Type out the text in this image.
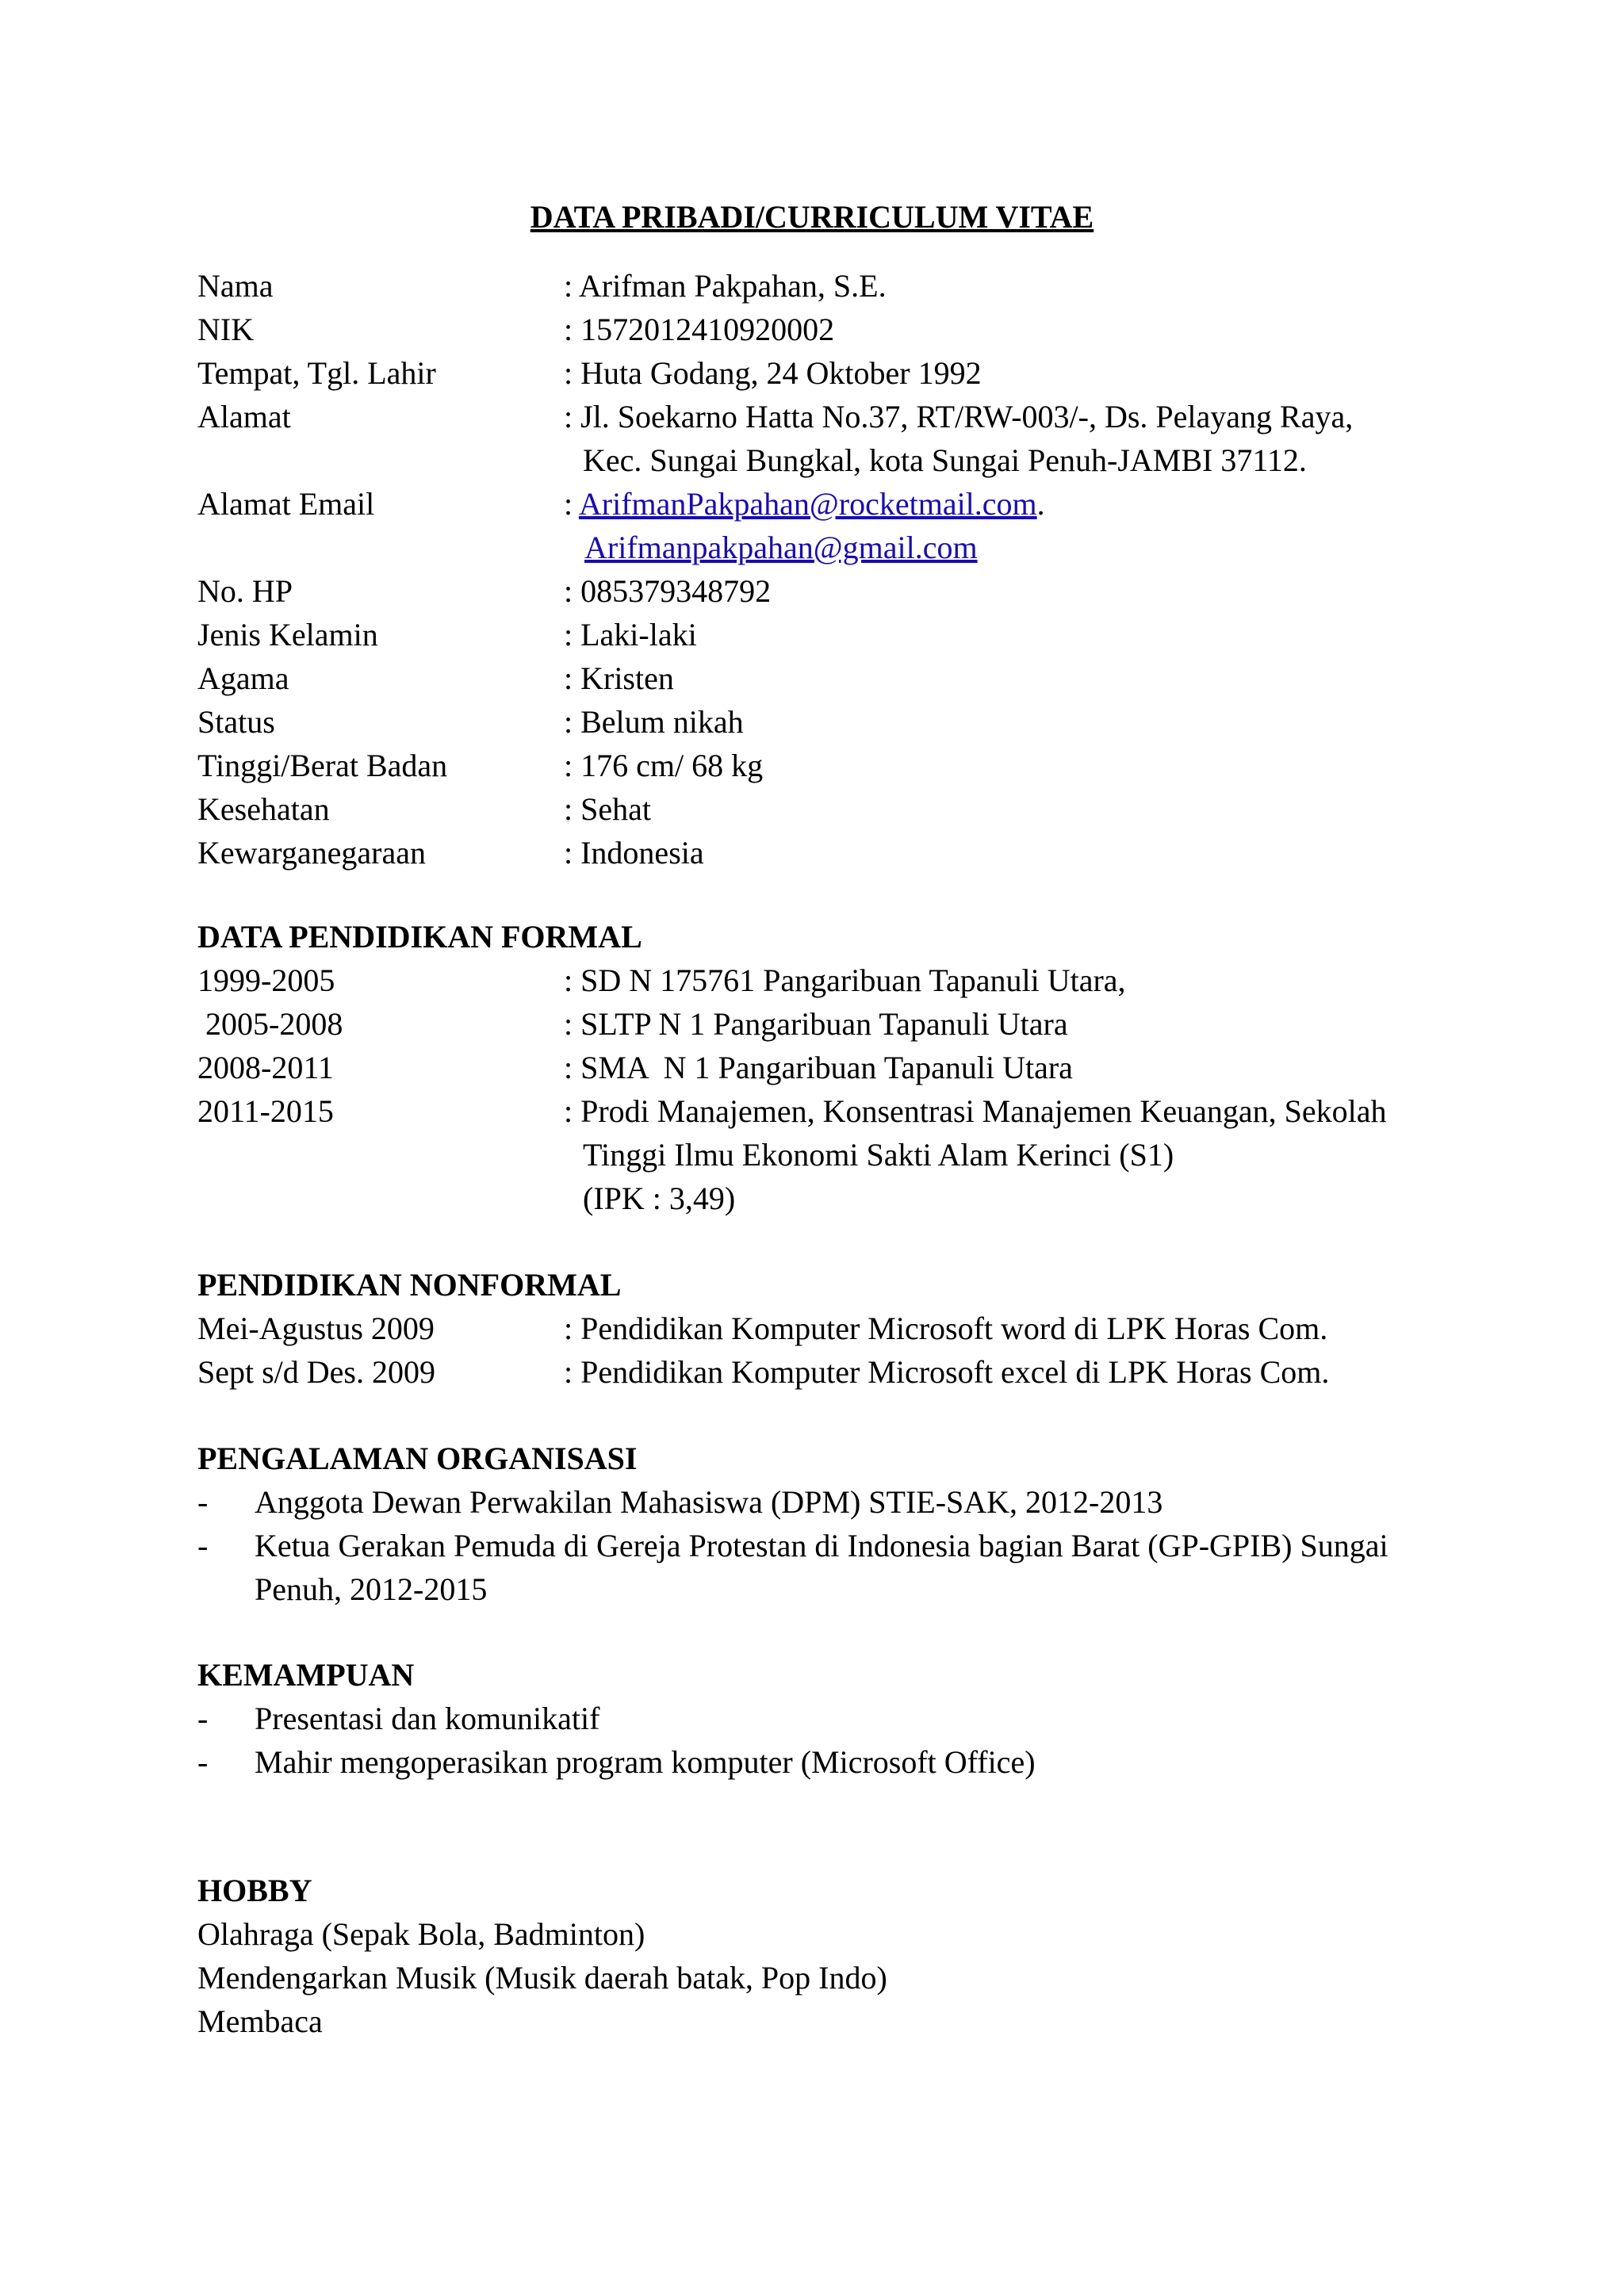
DATA PRIBADI/CURRICULUM VITAE
Nama	: Arifman Pakpahan, S.E.
NIK	: 1572012410920002
Tempat, Tgl. Lahir	: Huta Godang, 24 Oktober 1992
Alamat	: Jl. Soekarno Hatta No.37, RT/RW-003/-, Ds. Pelayang Raya,
Kec. Sungai Bungkal, kota Sungai Penuh-JAMBI 37112.
Alamat Email	: ArifmanPakpahan@rocketmail.com.
Arifmanpakpahan@gmail.com
No. HP	: 085379348792
Jenis Kelamin	: Laki-laki
Agama	: Kristen
Status	: Belum nikah
Tinggi/Berat Badan	: 176 cm/ 68 kg
Kesehatan	: Sehat
Kewarganegaraan	: Indonesia
DATA PENDIDIKAN FORMAL
1999-2005	: SD N 175761 Pangaribuan Tapanuli Utara,
2005-2008	: SLTP N 1 Pangaribuan Tapanuli Utara
2008-2011	: SMA  N 1 Pangaribuan Tapanuli Utara
2011-2015	: Prodi Manajemen, Konsentrasi Manajemen Keuangan, Sekolah
Tinggi Ilmu Ekonomi Sakti Alam Kerinci (S1)
(IPK : 3,49)
PENDIDIKAN NONFORMAL
Mei-Agustus 2009	: Pendidikan Komputer Microsoft word di LPK Horas Com.
Sept s/d Des. 2009	: Pendidikan Komputer Microsoft excel di LPK Horas Com.
PENGALAMAN ORGANISASI
- Anggota Dewan Perwakilan Mahasiswa (DPM) STIE-SAK, 2012-2013
- Ketua Gerakan Pemuda di Gereja Protestan di Indonesia bagian Barat (GP-GPIB) Sungai
Penuh, 2012-2015
KEMAMPUAN
- Presentasi dan komunikatif
- Mahir mengoperasikan program komputer (Microsoft Office)
HOBBY
Olahraga (Sepak Bola, Badminton)
Mendengarkan Musik (Musik daerah batak, Pop Indo)
Membaca
